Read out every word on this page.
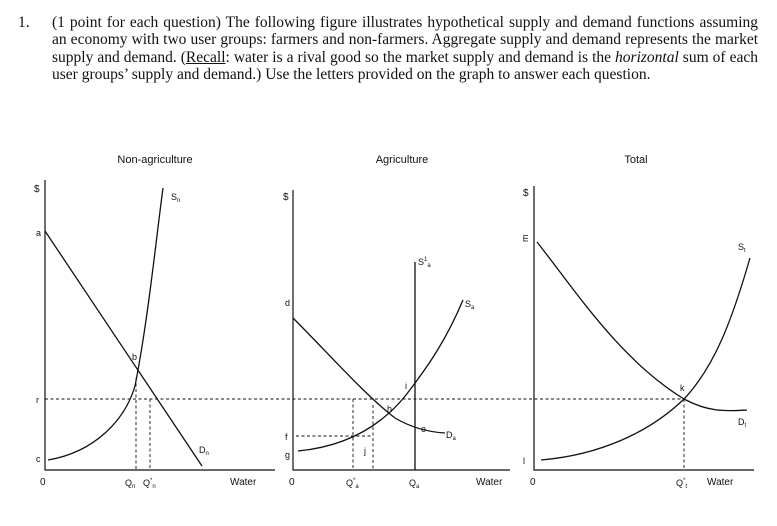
1. (1 point for each question) The following figure illustrates hypothetical supply and demand functions assuming an economy with two user groups: farmers and non-farmers. Aggregate supply and demand represents the market supply and demand. (Recall: water is a rival good so the market supply and demand is the horizontal sum of each user groups’ supply and demand.) Use the letters provided on the graph to answer each question.
Non-agriculture
$
0	Water
a
b
r
c
$S_n$
$D_n$
$Q_n$ $Q^*_n$
Agriculture
$
0	Water
d
f
g
h
i
j
e
$S^1_a$
$S_a$
$D_a$
$Q^*_a$	$Q_a$
Total
$
0	Water
m
l
k
$S_t$
$D_t$
$Q^*_t$
